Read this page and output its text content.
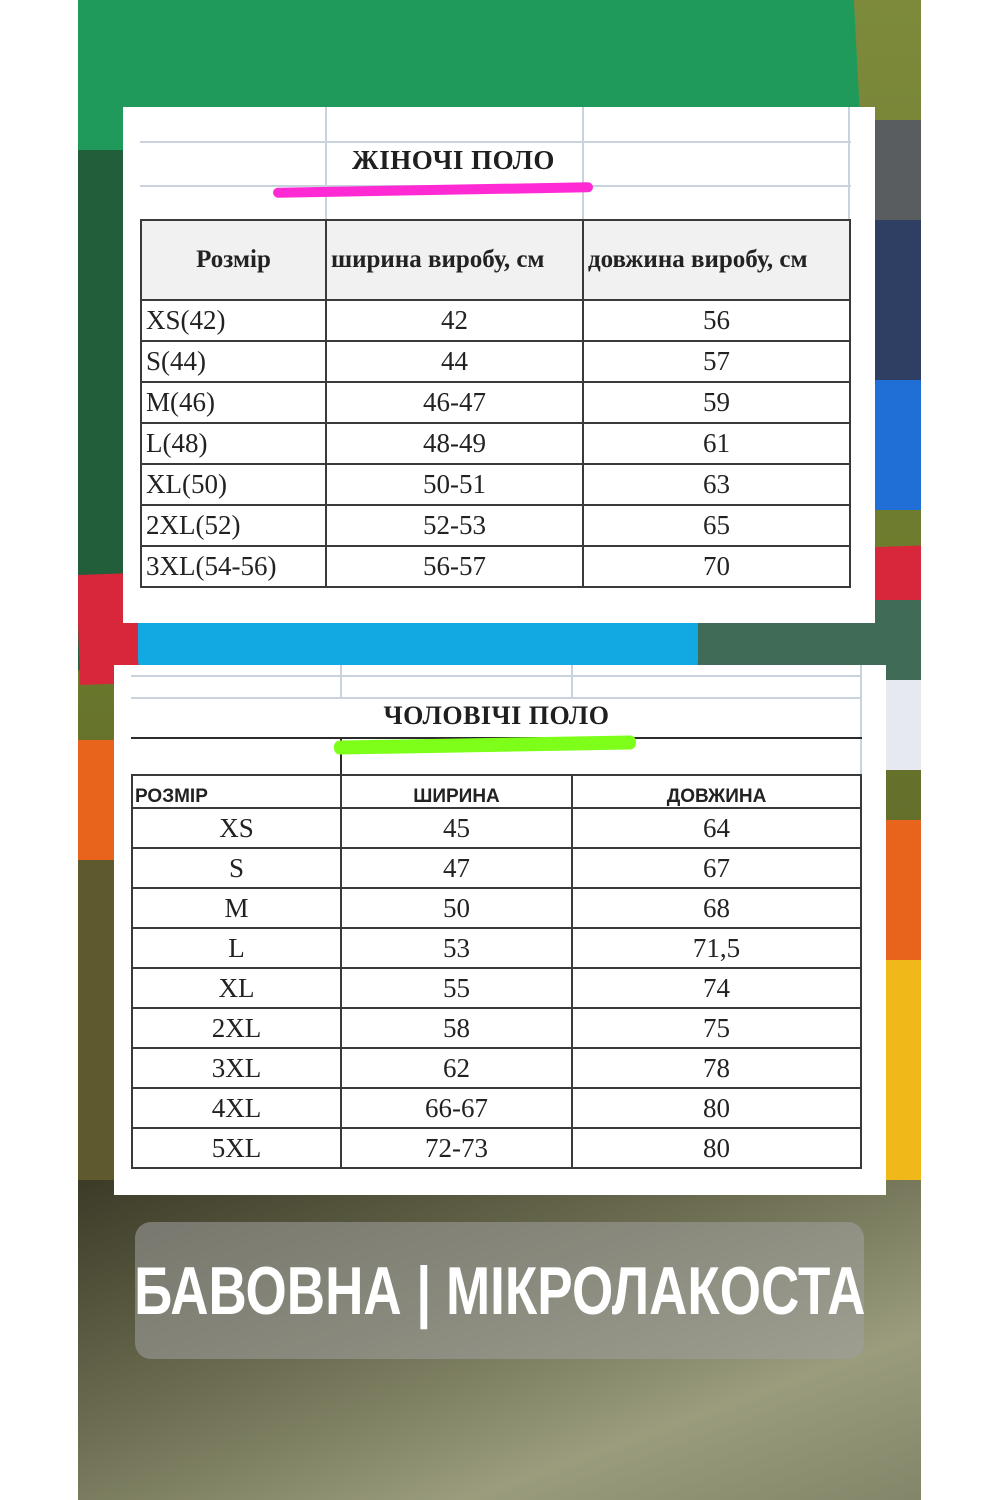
ЖІНОЧІ ПОЛО
Розмір	ширина виробу, см	довжина виробу, см
XS(42)	42	56
S(44)	44	57
M(46)	46-47	59
L(48)	48-49	61
XL(50)	50-51	63
2XL(52)	52-53	65
3XL(54-56)	56-57	70
ЧОЛОВІЧІ ПОЛО
РОЗМІР	ШИРИНА	ДОВЖИНА
XS	45	64
S	47	67
M	50	68
L	53	71,5
XL	55	74
2XL	58	75
3XL	62	78
4XL	66-67	80
5XL	72-73	80
БАВОВНА | МІКРОЛАКОСТА
